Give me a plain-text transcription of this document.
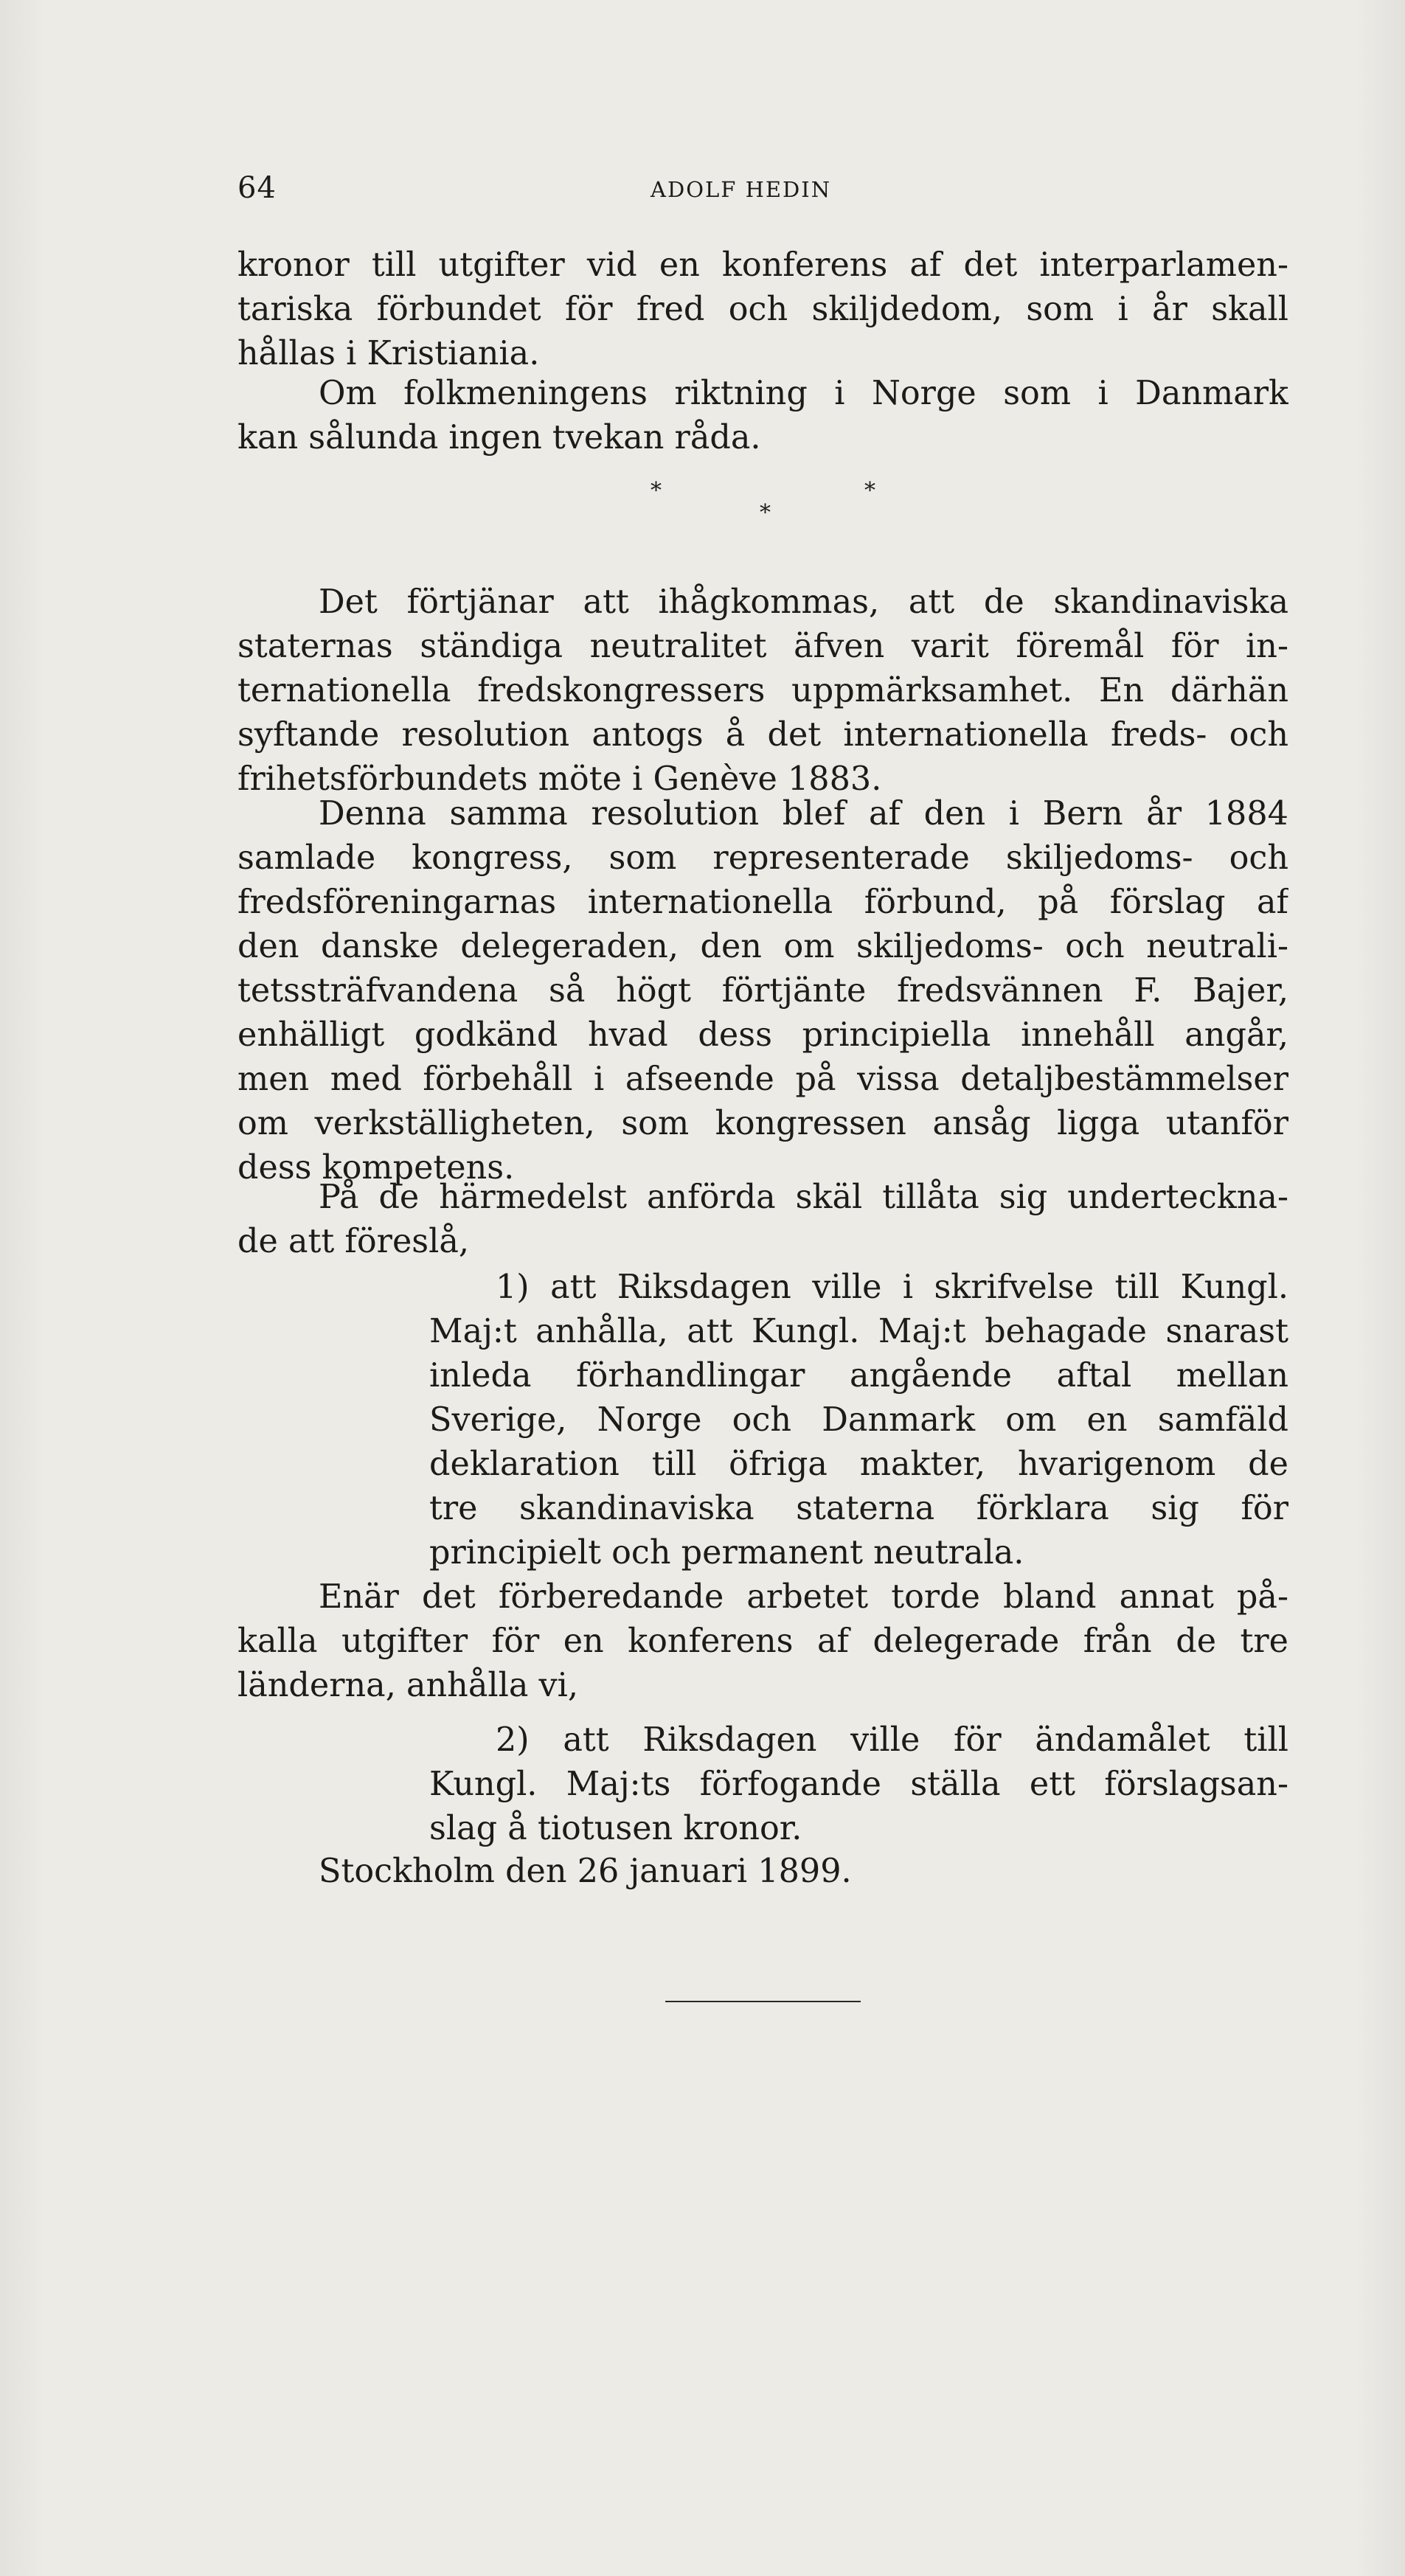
64	ADOLF HEDIN
kronor till utgifter vid en konferens af det interparlamen-
tariska förbundet för fred och skiljdedom, som i år skall
hållas i Kristiania.
Om folkmeningens riktning i Norge som i Danmark
kan sålunda ingen tvekan råda.
*
*
*
Det förtjänar att ihågkommas, att de skandinaviska
staternas ständiga neutralitet äfven varit föremål för in-
ternationella fredskongressers uppmärksamhet. En därhän
syftande resolution antogs å det internationella freds- och
frihetsförbundets möte i Genève 1883.
Denna samma resolution blef af den i Bern år 1884
samlade kongress, som representerade skiljedoms- och
fredsföreningarnas internationella förbund, på förslag af
den danske delegeraden, den om skiljedoms- och neutrali-
tetssträfvandena så högt förtjänte fredsvännen F. Bajer,
enhälligt godkänd hvad dess principiella innehåll angår,
men med förbehåll i afseende på vissa detaljbestämmelser
om verkställigheten, som kongressen ansåg ligga utanför
dess kompetens.
På de härmedelst anförda skäl tillåta sig underteckna-
de att föreslå,
1) att Riksdagen ville i skrifvelse till Kungl.
Maj:t anhålla, att Kungl. Maj:t behagade snarast
inleda förhandlingar angående aftal mellan
Sverige, Norge och Danmark om en samfäld
deklaration till öfriga makter, hvarigenom de
tre skandinaviska staterna förklara sig för
principielt och permanent neutrala.
Enär det förberedande arbetet torde bland annat på-
kalla utgifter för en konferens af delegerade från de tre
länderna, anhålla vi,
2) att Riksdagen ville för ändamålet till
Kungl. Maj:ts förfogande ställa ett förslagsan-
slag å tiotusen kronor.
Stockholm den 26 januari 1899.
